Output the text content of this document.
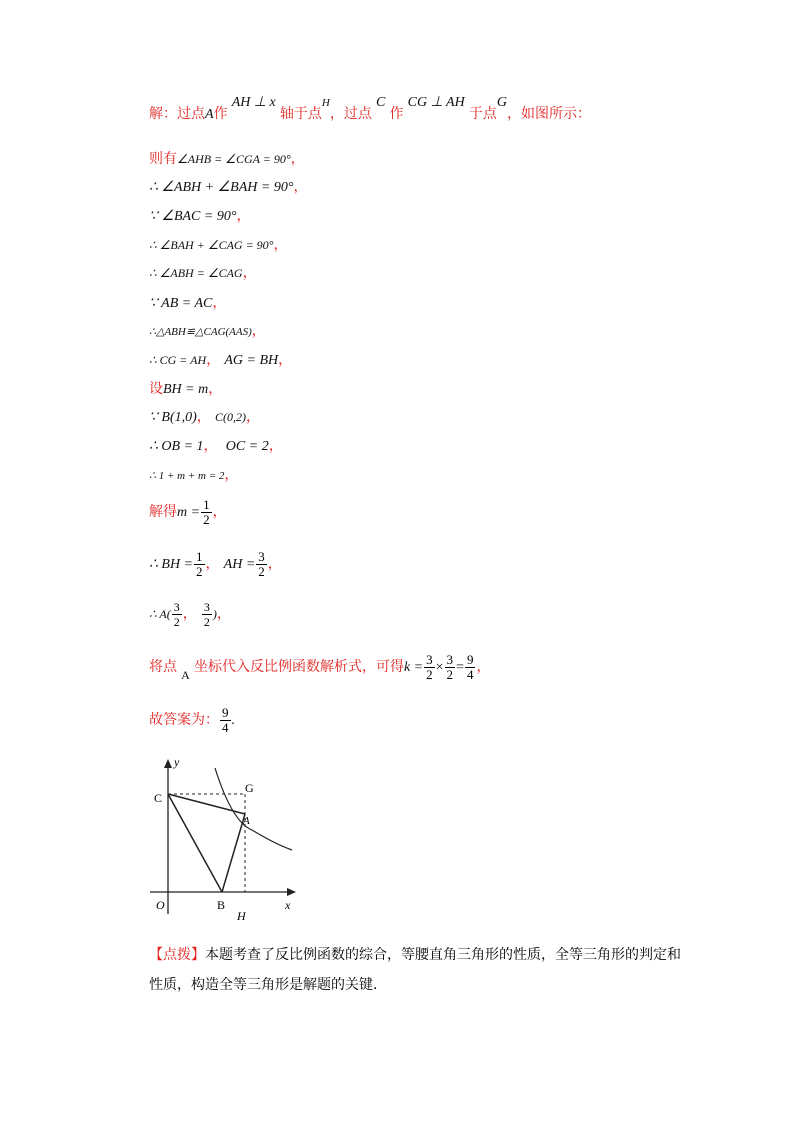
解：过点A作 AH ⊥ x 轴于点$^H$，过点 C 作 CG ⊥ AH 于点G，如图所示：
则有∠AHB = ∠CGA = 90°，
∴ ∠ABH + ∠BAH = 90°，
∵ ∠BAC = 90°，
∴ ∠BAH + ∠CAG = 90°，
∴ ∠ABH = ∠CAG，
∵ AB = AC，
∴△ABH≌△CAG(AAS)，
∴ CG = AH， AG = BH，
设BH = m，
∵ B(1,0)， C(0,2)，
∴ OB = 1， OC = 2，
∴ 1 + m + m = 2，
解得$m = \frac{1}{2}$ ，
∴ BH = $\frac{1}{2}$ ， AH = $\frac{3}{2}$ ，
∴ $A( \frac{3}{2}$ ， $\frac{3}{2}$ )，
将点 A 坐标代入反比例函数解析式，可得$k = \frac{3}{2} \times \frac{3}{2} = \frac{9}{4}$ ，
故答案为： $\frac{9}{4}$ .
y
x
O	B
H
C
G
A
【点拨】本题考查了反比例函数的综合，等腰直角三角形的性质，全等三角形的判定和性质，构造全等三角形是解题的关键.
